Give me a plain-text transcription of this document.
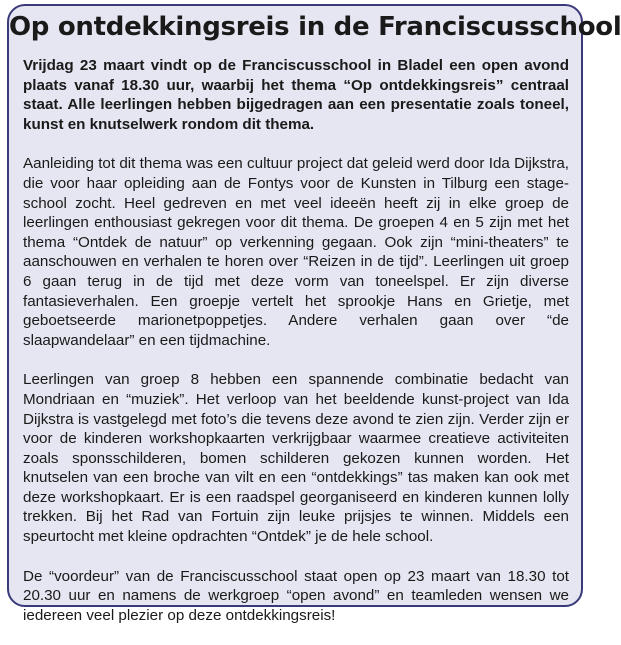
Op ontdekkingsreis in de Franciscusschool

Vrijdag 23 maart vindt op de Franciscusschool in Bladel een open avond plaats vanaf 18.30 uur, waarbij het thema “Op ontdekkingsreis” centraal staat. Alle leerlingen hebben bijgedragen aan een presentatie zoals toneel, kunst en knutselwerk rondom dit thema.

Aanleiding tot dit thema was een cultuur project dat geleid werd door Ida Dijkstra, die voor haar opleiding aan de Fontys voor de Kunsten in Tilburg een stage-school zocht. Heel gedreven en met veel ideeën heeft zij in elke groep de leerlingen enthousiast gekregen voor dit thema. De groepen 4 en 5 zijn met het thema “Ontdek de natuur” op verkenning gegaan. Ook zijn “mini-theaters” te aanschouwen en verhalen te horen over “Reizen in de tijd”. Leerlingen uit groep 6 gaan terug in de tijd met deze vorm van toneelspel. Er zijn diverse fantasieverhalen. Een groepje vertelt het sprookje Hans en Grietje, met geboetseerde marionetpoppetjes. Andere verhalen gaan over “de slaapwandelaar” en een tijdmachine.

Leerlingen van groep 8 hebben een spannende combinatie bedacht van Mondriaan en “muziek”. Het verloop van het beeldende kunst-project van Ida Dijkstra is vastgelegd met foto’s die tevens deze avond te zien zijn. Verder zijn er voor de kinderen workshopkaarten verkrijgbaar waarmee creatieve activiteiten zoals sponsschilderen, bomen schilderen gekozen kunnen worden. Het knutselen van een broche van vilt en een “ontdekkings” tas maken kan ook met deze workshopkaart. Er is een raadspel georganiseerd en kinderen kunnen lolly trekken. Bij het Rad van Fortuin zijn leuke prijsjes te winnen. Middels een speurtocht met kleine opdrachten “Ontdek” je de hele school.

De “voordeur” van de Franciscusschool staat open op 23 maart van 18.30 tot 20.30 uur en namens de werkgroep “open avond” en teamleden wensen we iedereen veel plezier op deze ontdekkingsreis!
